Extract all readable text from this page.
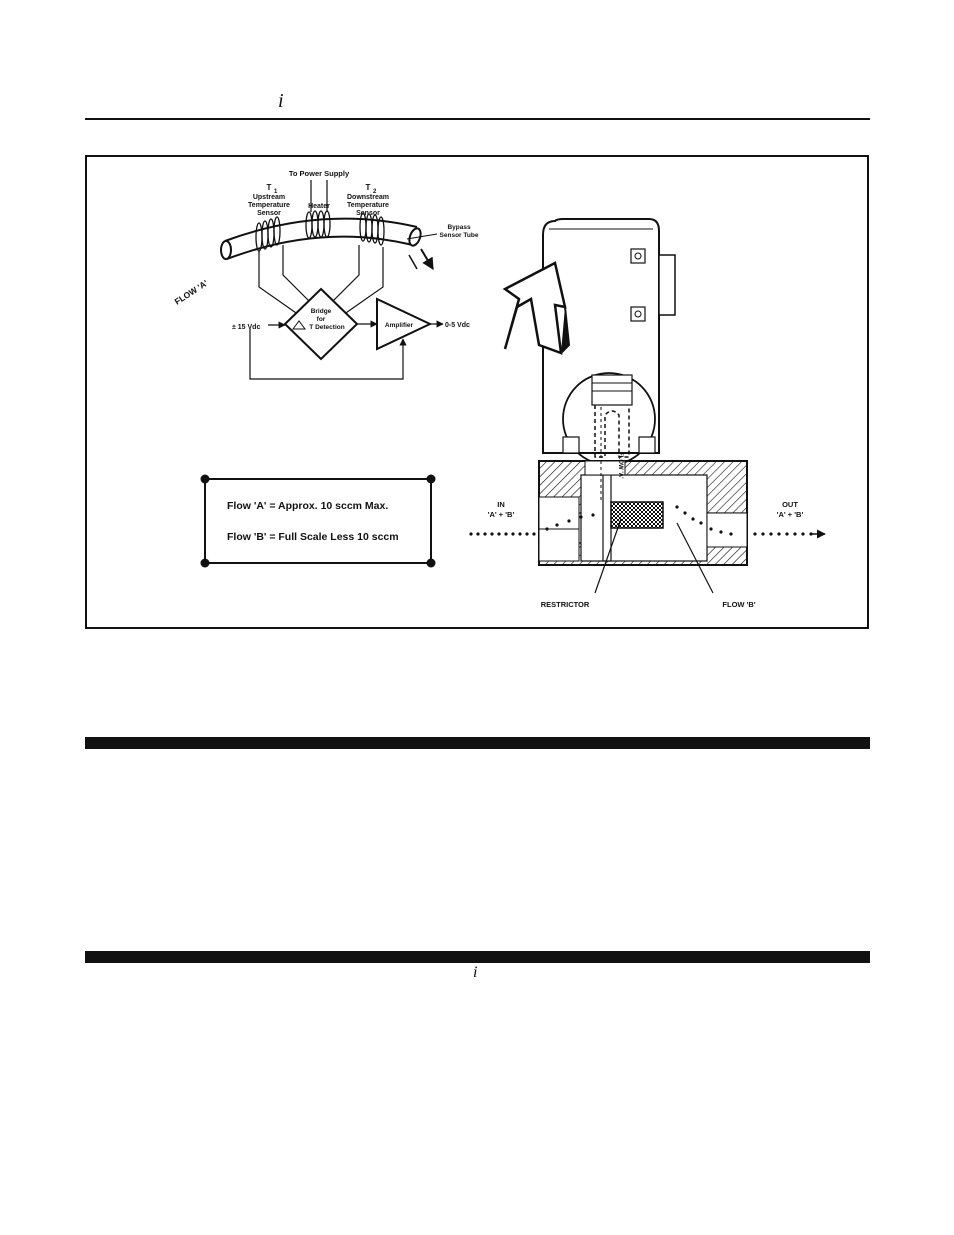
i
To Power Supply
T 1
Upstream
Temperature
Sensor
Heater
T 2
Downstream
Temperature
Sensor
Bypass
Sensor Tube
FLOW 'A'
Bridge
for
T Detection
± 15 Vdc	Amplifier	0-5 Vdc
Flow 'A' = Approx. 10 sccm Max.
Flow 'B' = Full Scale Less 10 sccm
FLOW 'A'
IN
'A' + 'B'
OUT
'A' + 'B'
RESTRICTOR	FLOW 'B'
i
